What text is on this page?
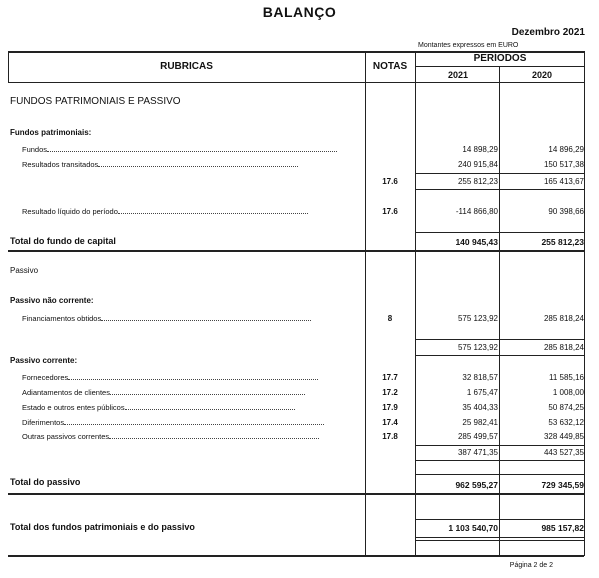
BALANÇO
Dezembro 2021
Montantes expressos em EURO
RUBRICAS	NOTAS
PERÍODOS
2021	2020
FUNDOS PATRIMONIAIS E PASSIVO
Fundos patrimoniais:
Fundos	14 898,29	14 896,29
Resultados transitados	240 915,84	150 517,38
17.6	255 812,23	165 413,67
Resultado líquido do período	17.6	-114 866,80	90 398,66
Total do fundo de capital	140 945,43	255 812,23
Passivo
Passivo não corrente:
Financiamentos obtidos	8	575 123,92	285 818,24
575 123,92	285 818,24
Passivo corrente:
Fornecedores	17.7	32 818,57	11 585,16
Adiantamentos de clientes	17.2	1 675,47	1 008,00
Estado e outros entes públicos	17.9	35 404,33	50 874,25
Diferimentos	17.4	25 982,41	53 632,12
Outras passivos correntes	17.8	285 499,57	328 449,85
387 471,35	443 527,35
Total do passivo	962 595,27	729 345,59
Total dos fundos patrimoniais e do passivo	1 103 540,70	985 157,82
Página 2 de 2
